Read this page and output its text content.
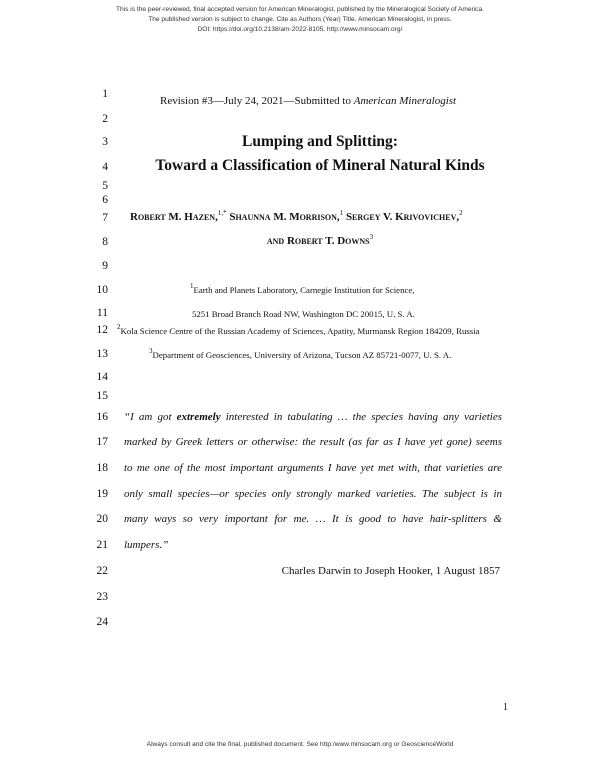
This is the peer-reviewed, final accepted version for American Mineralogist, published by the Mineralogical Society of America.
The published version is subject to change. Cite as Authors (Year) Title. American Mineralogist, in press.
DOI: https://doi.org/10.2138/am-2022-8105. http://www.minsocam.org/
1
2
3
4
5
6
7
8
9
10
11
12
13
14
15
16
17
18
19
20
21
22
23
24
Revision #3—July 24, 2021—Submitted to American Mineralogist
Lumping and Splitting:
Toward a Classification of Mineral Natural Kinds
Robert M. Hazen,$^{1,*}$ Shaunna M. Morrison,$^1$ Sergey V. Krivovichev,$^2$
and Robert T. Downs$^3$
$^1$Earth and Planets Laboratory, Carnegie Institution for Science,
5251 Broad Branch Road NW, Washington DC 20015, U. S. A.
$^2$Kola Science Centre of the Russian Academy of Sciences, Apatity, Murmansk Region 184209, Russia
$^3$Department of Geosciences, University of Arizona, Tucson AZ 85721-0077, U. S. A.
“I am got extremely interested in tabulating … the species having any varieties
marked by Greek letters or otherwise: the result (as far as I have yet gone) seems
to me one of the most important arguments I have yet met with, that varieties are
only small species—or species only strongly marked varieties. The subject is in
many ways so very important for me. … It is good to have hair-splitters &
lumpers.”
Charles Darwin to Joseph Hooker, 1 August 1857
1
Always consult and cite the final, published document. See http:/www.minsocam.org or GeoscienceWorld
